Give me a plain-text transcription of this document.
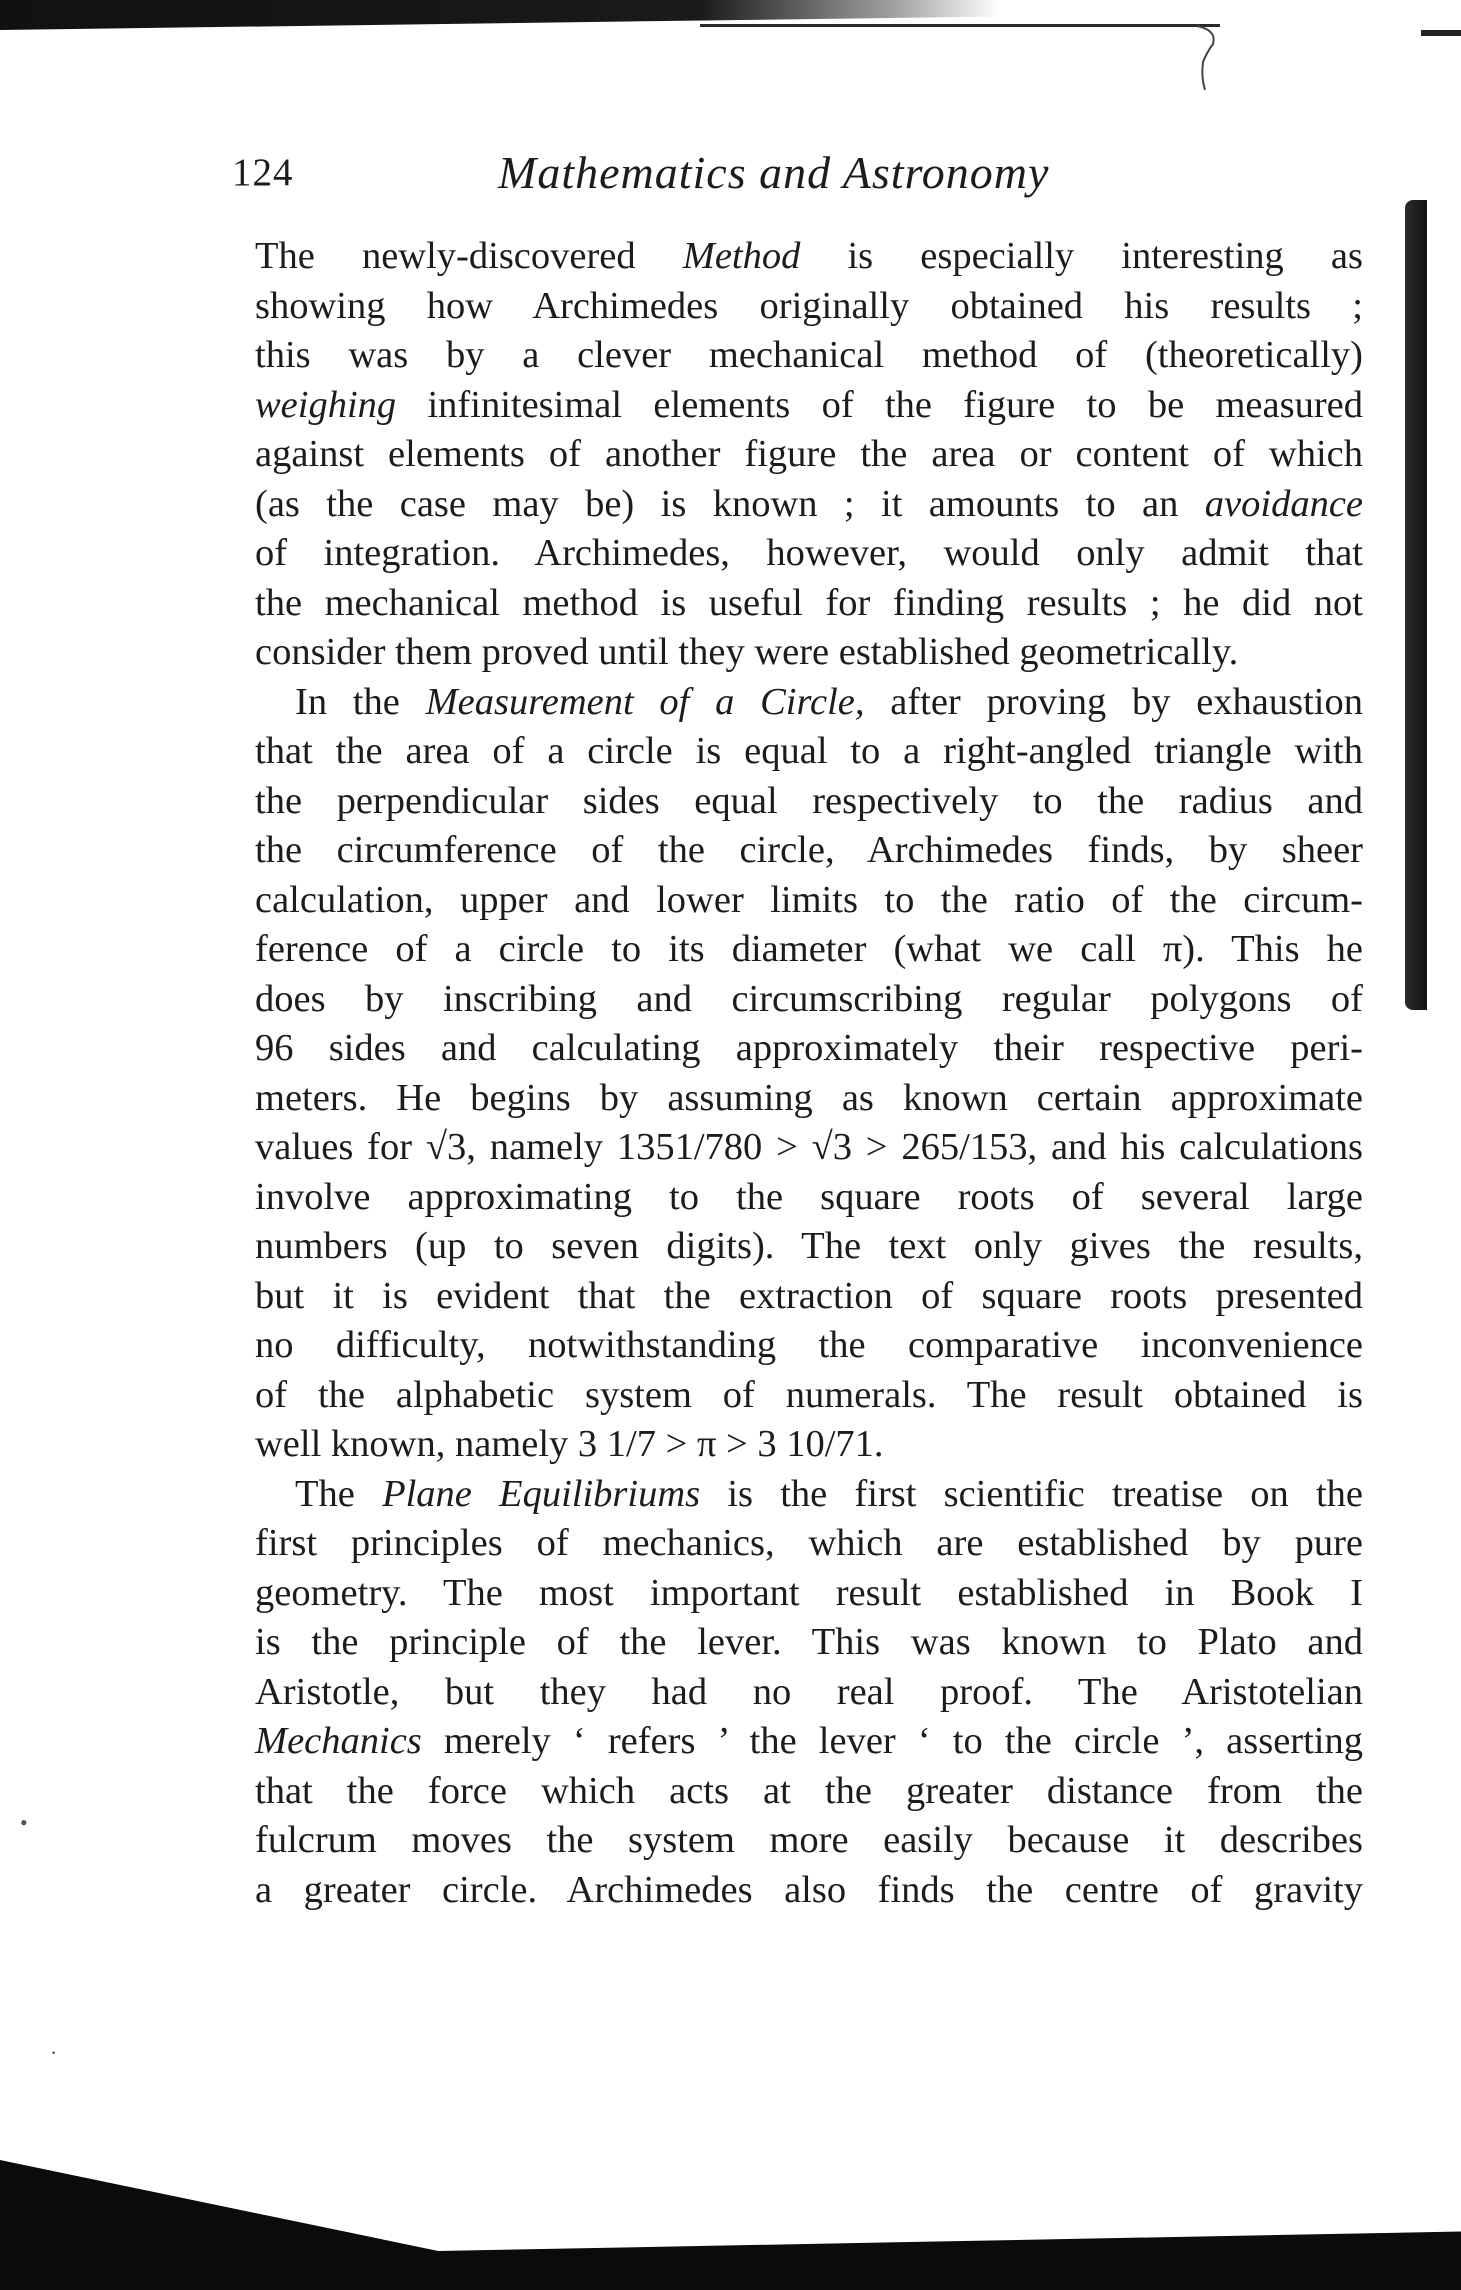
124	Mathematics and Astronomy
The newly-discovered Method is especially interesting as
showing how Archimedes originally obtained his results ;
this was by a clever mechanical method of (theoretically)
weighing infinitesimal elements of the figure to be measured
against elements of another figure the area or content of which
(as the case may be) is known ; it amounts to an avoidance
of integration. Archimedes, however, would only admit that
the mechanical method is useful for finding results ; he did not
consider them proved until they were established geometrically.
In the Measurement of a Circle, after proving by exhaustion
that the area of a circle is equal to a right-angled triangle with
the perpendicular sides equal respectively to the radius and
the circumference of the circle, Archimedes finds, by sheer
calculation, upper and lower limits to the ratio of the circum-
ference of a circle to its diameter (what we call π). This he
does by inscribing and circumscribing regular polygons of
96 sides and calculating approximately their respective peri-
meters. He begins by assuming as known certain approximate
values for √3, namely 1351/780 > √3 > 265/153, and his calculations
involve approximating to the square roots of several large
numbers (up to seven digits). The text only gives the results,
but it is evident that the extraction of square roots presented
no difficulty, notwithstanding the comparative inconvenience
of the alphabetic system of numerals. The result obtained is
well known, namely 3 1/7 > π > 3 10/71.
The Plane Equilibriums is the first scientific treatise on the
first principles of mechanics, which are established by pure
geometry. The most important result established in Book I
is the principle of the lever. This was known to Plato and
Aristotle, but they had no real proof. The Aristotelian
Mechanics merely ‘ refers ’ the lever ‘ to the circle ’, asserting
that the force which acts at the greater distance from the
fulcrum moves the system more easily because it describes
a greater circle. Archimedes also finds the centre of gravity
•
·
